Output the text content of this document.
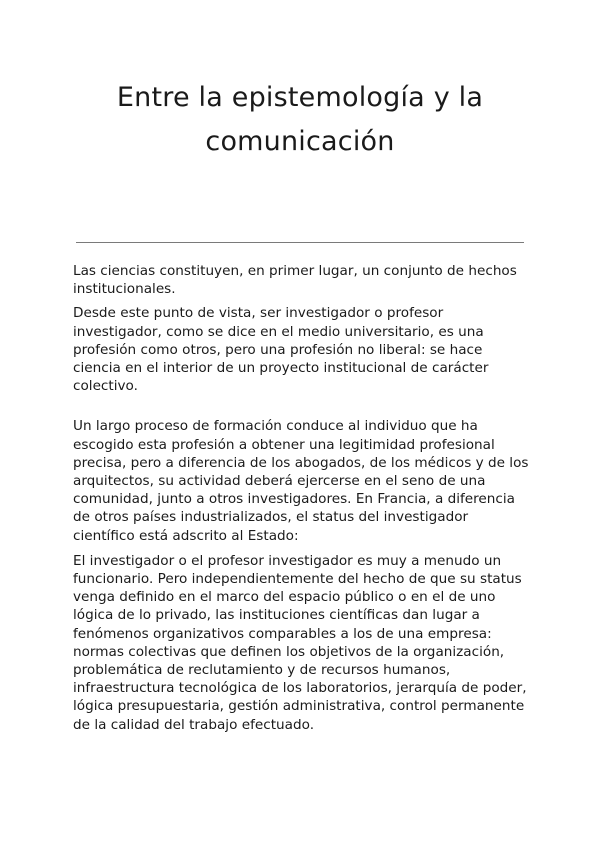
Entre la epistemología y la comunicación

Las ciencias constituyen, en primer lugar, un conjunto de hechos institucionales.

Desde este punto de vista, ser investigador o profesor investigador, como se dice en el medio universitario, es una profesión como otros, pero una profesión no liberal: se hace ciencia en el interior de un proyecto institucional de carácter colectivo.

Un largo proceso de formación conduce al individuo que ha escogido esta profesión a obtener una legitimidad profesional precisa, pero a diferencia de los abogados, de los médicos y de los arquitectos, su actividad deberá ejercerse en el seno de una comunidad, junto a otros investigadores. En Francia, a diferencia de otros países industrializados, el status del investigador científico está adscrito al Estado:

El investigador o el profesor investigador es muy a menudo un funcionario. Pero independientemente del hecho de que su status venga definido en el marco del espacio público o en el de uno lógica de lo privado, las instituciones científicas dan lugar a fenómenos organizativos comparables a los de una empresa: normas colectivas que definen los objetivos de la organización, problemática de reclutamiento y de recursos humanos, infraestructura tecnológica de los laboratorios, jerarquía de poder, lógica presupuestaria, gestión administrativa, control permanente de la calidad del trabajo efectuado.
